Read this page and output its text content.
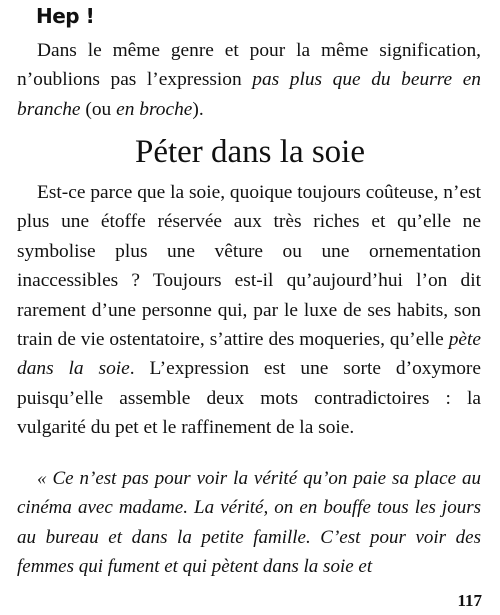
Hep !

Dans le même genre et pour la même signification, n’oublions pas l’expression pas plus que du beurre en branche (ou en broche).

Péter dans la soie

Est-ce parce que la soie, quoique toujours coûteuse, n’est plus une étoffe réservée aux très riches et qu’elle ne symbolise plus une vêture ou une ornementation inaccessibles ? Toujours est-il qu’aujourd’hui l’on dit rarement d’une personne qui, par le luxe de ses habits, son train de vie ostentatoire, s’attire des moqueries, qu’elle pète dans la soie. L’expression est une sorte d’oxymore puisqu’elle assemble deux mots contradictoires : la vulgarité du pet et le raffinement de la soie.

« Ce n’est pas pour voir la vérité qu’on paie sa place au cinéma avec madame. La vérité, on en bouffe tous les jours au bureau et dans la petite famille. C’est pour voir des femmes qui fument et qui pètent dans la soie et

117
